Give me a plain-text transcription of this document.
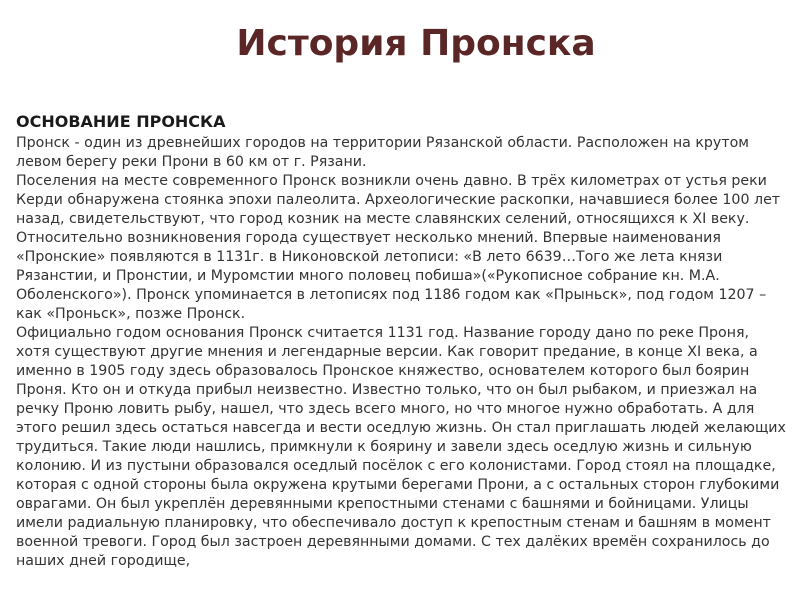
История Пронска

ОСНОВАНИЕ ПРОНСКА

Пронск - один из древнейших городов на территории Рязанской области. Расположен на крутом левом берегу реки Прони в 60 км от г. Рязани.

Поселения на месте современного Пронск возникли очень давно. В трёх километрах от устья реки Керди обнаружена стоянка эпохи палеолита. Археологические раскопки, начавшиеся более 100 лет назад, свидетельствуют, что город козник на месте славянских селений, относящихся к XI веку. Относительно возникновения города существует несколько мнений. Впервые наименования «Пронские» появляются в 1131г. в Никоновской летописи: «В лето 6639…Того же лета князи Рязанстии, и Пронстии, и Муромстии много половец побиша»(«Рукописное собрание кн. М.А. Оболенского»). Пронск упоминается в летописях под 1186 годом как «Прыньск», под годом 1207 – как «Проньск», позже Пронск.

Официально годом основания Пронск считается 1131 год. Название городу дано по реке Проня, хотя существуют другие мнения и легендарные версии. Как говорит предание, в конце XI века, а именно в 1905 году здесь образовалось Пронское княжество, основателем которого был боярин Проня. Кто он и откуда прибыл неизвестно. Известно только, что он был рыбаком, и приезжал на речку Проню ловить рыбу, нашел, что здесь всего много, но что многое нужно обработать. А для этого решил здесь остаться навсегда и вести оседлую жизнь. Он стал приглашать людей желающих трудиться. Такие люди нашлись, примкнули к боярину и завели здесь оседлую жизнь и сильную колонию. И из пустыни образовался оседлый посёлок с его колонистами. Город стоял на площадке, которая с одной стороны была окружена крутыми берегами Прони, а с остальных сторон глубокими оврагами. Он был укреплён деревянными крепостными стенами с башнями и бойницами. Улицы имели радиальную планировку, что обеспечивало доступ к крепостным стенам и башням в момент военной тревоги. Город был застроен деревянными домами. С тех далёких времён сохранилось до наших дней городище,
